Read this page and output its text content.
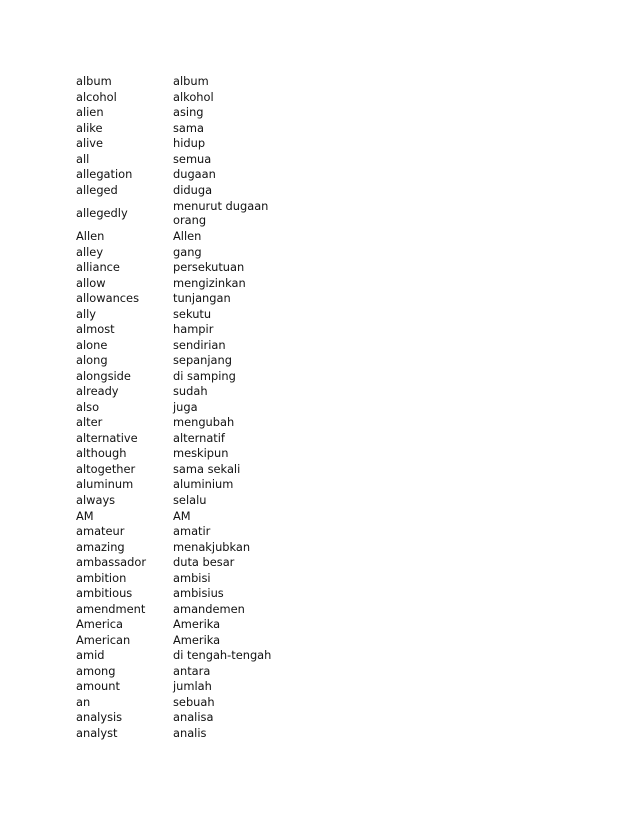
album	album
alcohol	alkohol
alien	asing
alike	sama
alive	hidup
all	semua
allegation	dugaan
alleged	diduga
allegedly	menurut dugaan orang
Allen	Allen
alley	gang
alliance	persekutuan
allow	mengizinkan
allowances	tunjangan
ally	sekutu
almost	hampir
alone	sendirian
along	sepanjang
alongside	di samping
already	sudah
also	juga
alter	mengubah
alternative	alternatif
although	meskipun
altogether	sama sekali
aluminum	aluminium
always	selalu
AM	AM
amateur	amatir
amazing	menakjubkan
ambassador	duta besar
ambition	ambisi
ambitious	ambisius
amendment	amandemen
America	Amerika
American	Amerika
amid	di tengah-tengah
among	antara
amount	jumlah
an	sebuah
analysis	analisa
analyst	analis
